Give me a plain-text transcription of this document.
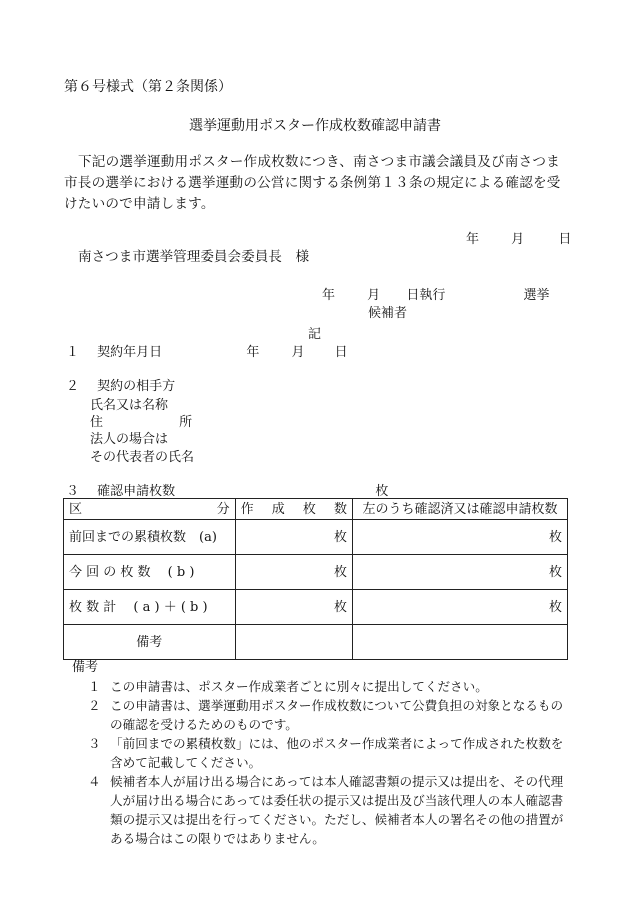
第６号様式（第２条関係）
選挙運動用ポスター作成枚数確認申請書
下記の選挙運動用ポスター作成枚数につき、南さつま市議会議員及び南さつま市長の選挙における選挙運動の公営に関する条例第１３条の規定による確認を受けたいので申請します。
年 月	日
南さつま市選挙管理委員会委員長　様
年 月 日執行	選挙
候補者
記
１ 契約年月日	年 月 日
２ 契約の相手方
氏名又は名称
住	所
法人の場合は
その代表者の氏名
３ 確認申請枚数	枚
区 分	作 成 枚 数	左のうち確認済又は確認申請枚数
前回までの累積枚数　(a)	枚	枚
今 回 の 枚 数　 ( b )	枚	枚
枚 数 計　 ( a ) ＋ ( b )	枚	枚
備考		
備考
１ この申請書は、ポスター作成業者ごとに別々に提出してください。
２ この申請書は、選挙運動用ポスター作成枚数について公費負担の対象となるものの確認を受けるためのものです。
３ 「前回までの累積枚数」には、他のポスター作成業者によって作成された枚数を含めて記載してください。
４ 候補者本人が届け出る場合にあっては本人確認書類の提示又は提出を、その代理人が届け出る場合にあっては委任状の提示又は提出及び当該代理人の本人確認書類の提示又は提出を行ってください。ただし、候補者本人の署名その他の措置がある場合はこの限りではありません。
